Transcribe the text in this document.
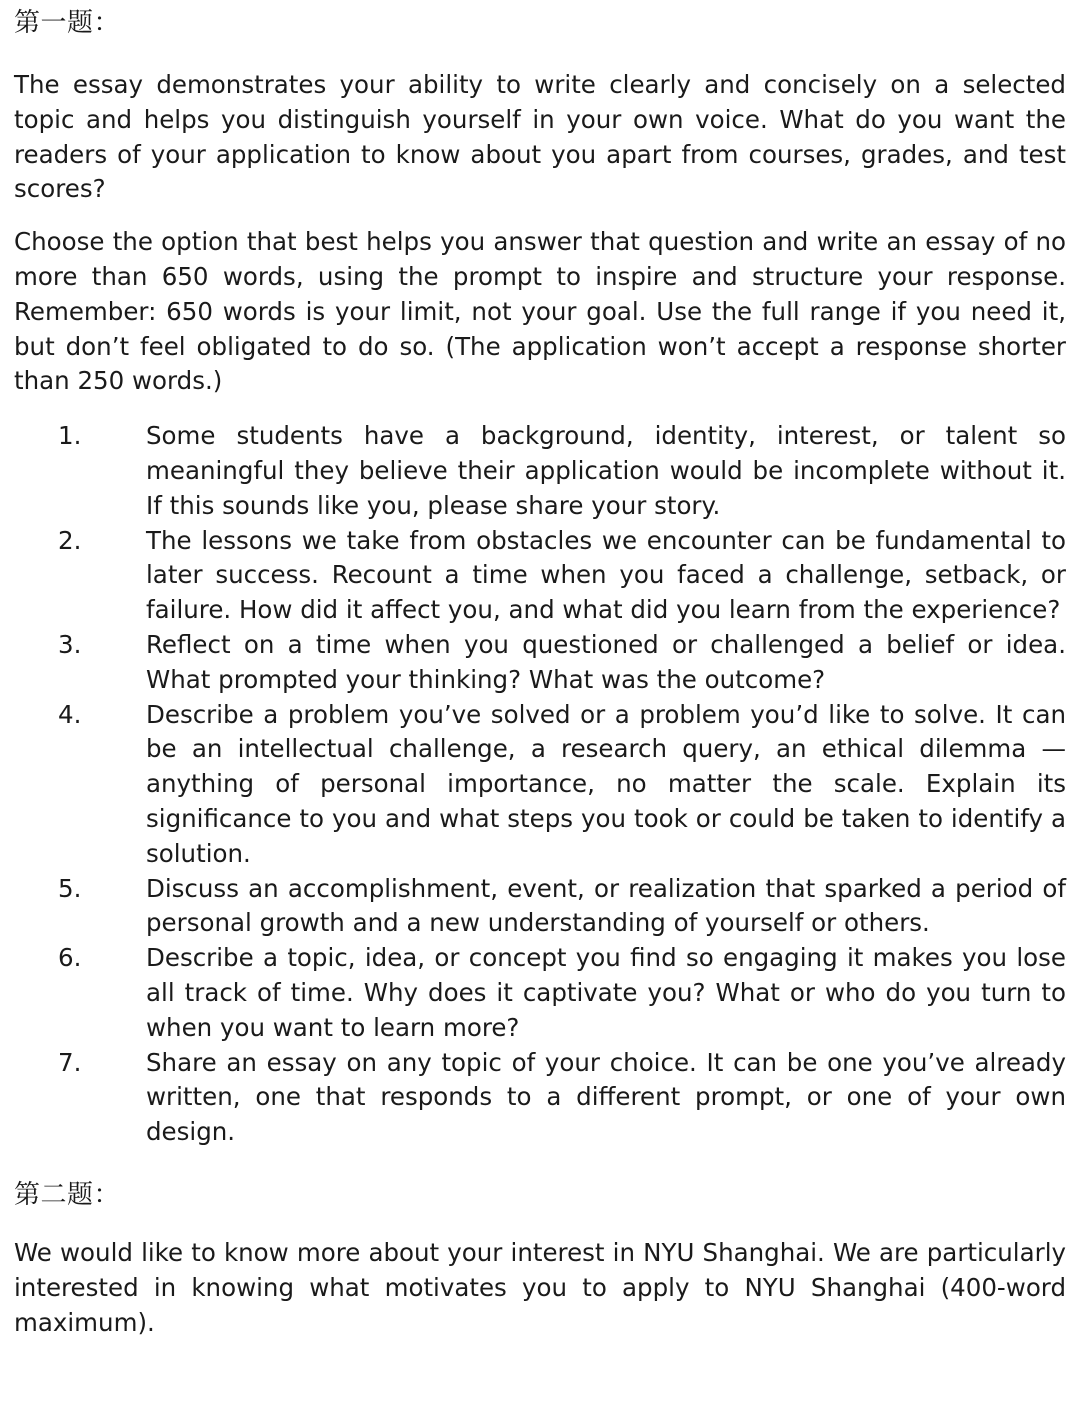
第一题：

The essay demonstrates your ability to write clearly and concisely on a selected topic and helps you distinguish yourself in your own voice. What do you want the readers of your application to know about you apart from courses, grades, and test scores?

Choose the option that best helps you answer that question and write an essay of no more than 650 words, using the prompt to inspire and structure your response. Remember: 650 words is your limit, not your goal. Use the full range if you need it, but don’t feel obligated to do so. (The application won’t accept a response shorter than 250 words.)

1.	Some students have a background, identity, interest, or talent so meaningful they believe their application would be incomplete without it. If this sounds like you, please share your story.
2.	The lessons we take from obstacles we encounter can be fundamental to later success. Recount a time when you faced a challenge, setback, or failure. How did it affect you, and what did you learn from the experience?
3.	Reflect on a time when you questioned or challenged a belief or idea. What prompted your thinking? What was the outcome?
4.	Describe a problem you’ve solved or a problem you’d like to solve. It can be an intellectual challenge, a research query, an ethical dilemma — anything of personal importance, no matter the scale. Explain its significance to you and what steps you took or could be taken to identify a solution.
5.	Discuss an accomplishment, event, or realization that sparked a period of personal growth and a new understanding of yourself or others.
6.	Describe a topic, idea, or concept you find so engaging it makes you lose all track of time. Why does it captivate you? What or who do you turn to when you want to learn more?
7.	Share an essay on any topic of your choice. It can be one you’ve already written, one that responds to a different prompt, or one of your own design.
第二题：

We would like to know more about your interest in NYU Shanghai. We are particularly interested in knowing what motivates you to apply to NYU Shanghai (400-word maximum).
